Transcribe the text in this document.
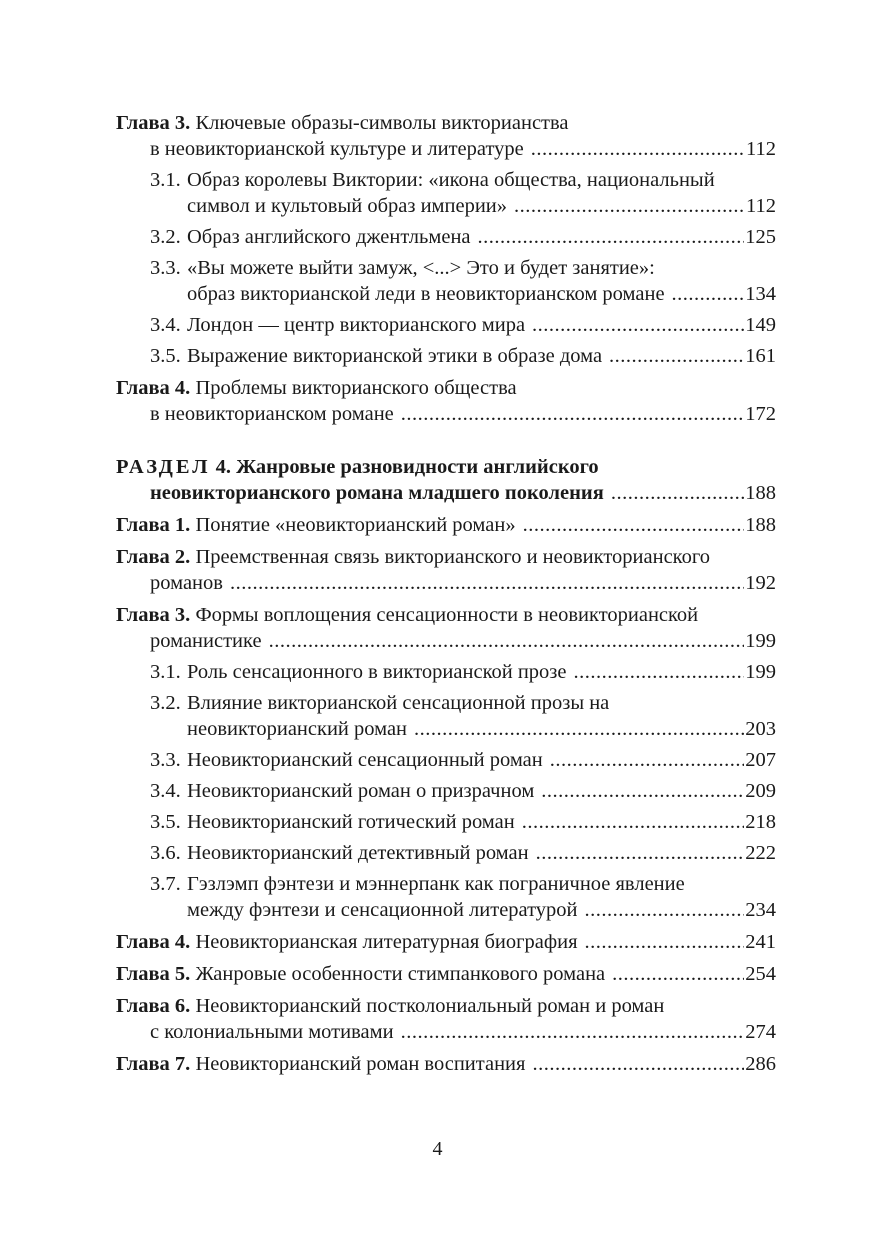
Глава 3. Ключевые образы-символы викторианства
в неовикторианской культуре и литературе .....	112
3.1. Образ королевы Виктории: «икона общества, национальный
символ и культовый образ империи» .....	112
3.2. Образ английского джентльмена .....	125
3.3. «Вы можете выйти замуж, <...> Это и будет занятие»:
образ викторианской леди в неовикторианском романе .....	134
3.4. Лондон — центр викторианского мира .....	149
3.5. Выражение викторианской этики в образе дома .....	161
Глава 4. Проблемы викторианского общества
в неовикторианском романе .....	172
РАЗДЕЛ 4. Жанровые разновидности английского
неовикторианского романа младшего поколения .....	188
Глава 1. Понятие «неовикторианский роман» .....	188
Глава 2. Преемственная связь викторианского и неовикторианского
романов .....	192
Глава 3. Формы воплощения сенсационности в неовикторианской
романистике .....	199
3.1. Роль сенсационного в викторианской прозе .....	199
3.2. Влияние викторианской сенсационной прозы на
неовикторианский роман .....	203
3.3. Неовикторианский сенсационный роман .....	207
3.4. Неовикторианский роман о призрачном .....	209
3.5. Неовикторианский готический роман .....	218
3.6. Неовикторианский детективный роман .....	222
3.7. Гэзлэмп фэнтези и мэннерпанк как пограничное явление
между фэнтези и сенсационной литературой .....	234
Глава 4. Неовикторианская литературная биография .....	241
Глава 5. Жанровые особенности стимпанкового романа .....	254
Глава 6. Неовикторианский постколониальный роман и роман
с колониальными мотивами .....	274
Глава 7. Неовикторианский роман воспитания .....	286
4
